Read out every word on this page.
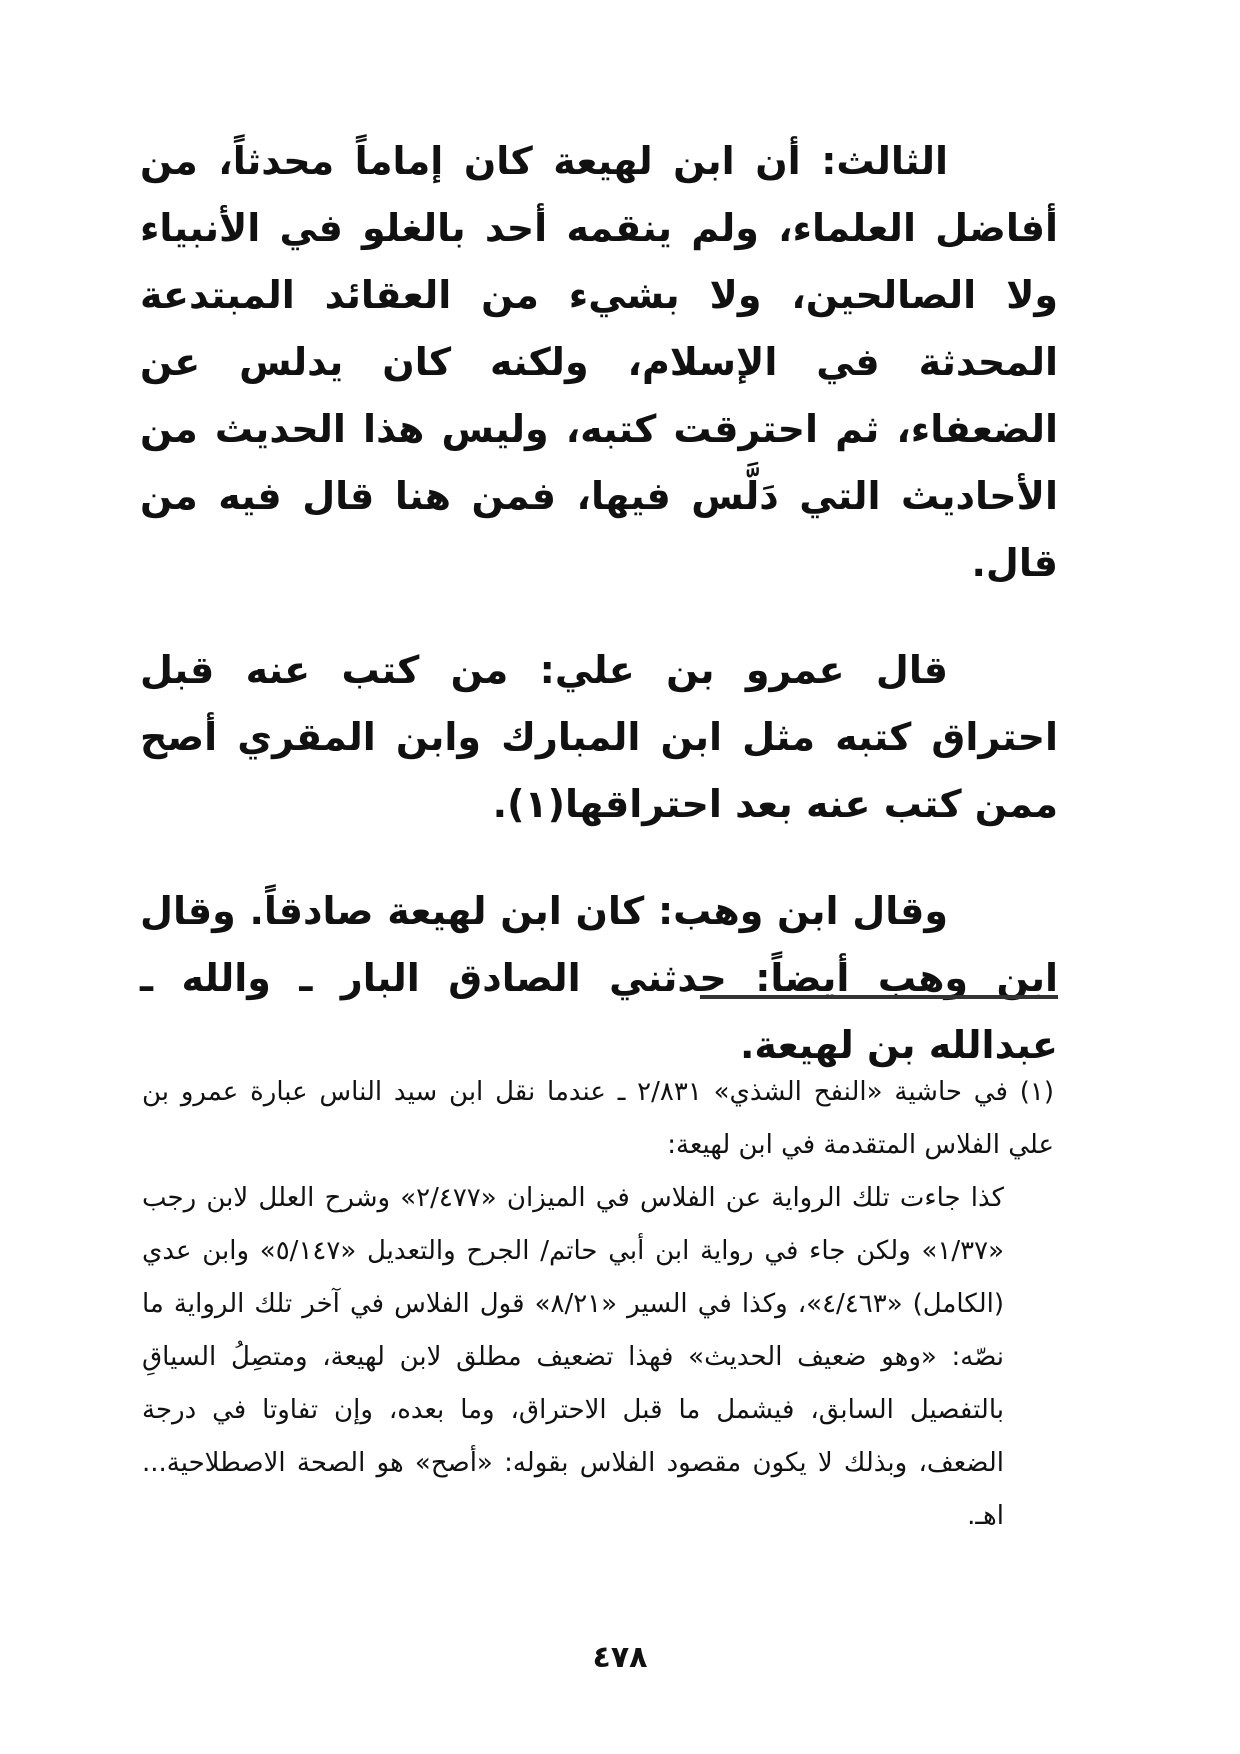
الثالث: أن ابن لهيعة كان إماماً محدثاً، من أفاضل العلماء، ولم ينقمه أحد بالغلو في الأنبياء ولا الصالحين، ولا بشيء من العقائد المبتدعة المحدثة في الإسلام، ولكنه كان يدلس عن الضعفاء، ثم احترقت كتبه، وليس هذا الحديث من الأحاديث التي دَلَّس فيها، فمن هنا قال فيه من قال.

قال عمرو بن علي: من كتب عنه قبل احتراق كتبه مثل ابن المبارك وابن المقري أصح ممن كتب عنه بعد احتراقها(١).

وقال ابن وهب: كان ابن لهيعة صادقاً. وقال ابن وهب أيضاً: حدثني الصادق البار ـ والله ـ عبدالله بن لهيعة.

(١) في حاشية «النفح الشذي» ٢/٨٣١ ـ عندما نقل ابن سيد الناس عبارة عمرو بن علي الفلاس المتقدمة في ابن لهيعة:

كذا جاءت تلك الرواية عن الفلاس في الميزان «٢/٤٧٧» وشرح العلل لابن رجب «١/٣٧» ولكن جاء في رواية ابن أبي حاتم/ الجرح والتعديل «٥/١٤٧» وابن عدي (الكامل) «٤/٤٦٣»، وكذا في السير «٨/٢١» قول الفلاس في آخر تلك الرواية ما نصّه: «وهو ضعيف الحديث» فهذا تضعيف مطلق لابن لهيعة، ومتصِلُ السياقِ بالتفصيل السابق، فيشمل ما قبل الاحتراق، وما بعده، وإن تفاوتا في درجة الضعف، وبذلك لا يكون مقصود الفلاس بقوله: «أصح» هو الصحة الاصطلاحية... اهـ.

٤٧٨
